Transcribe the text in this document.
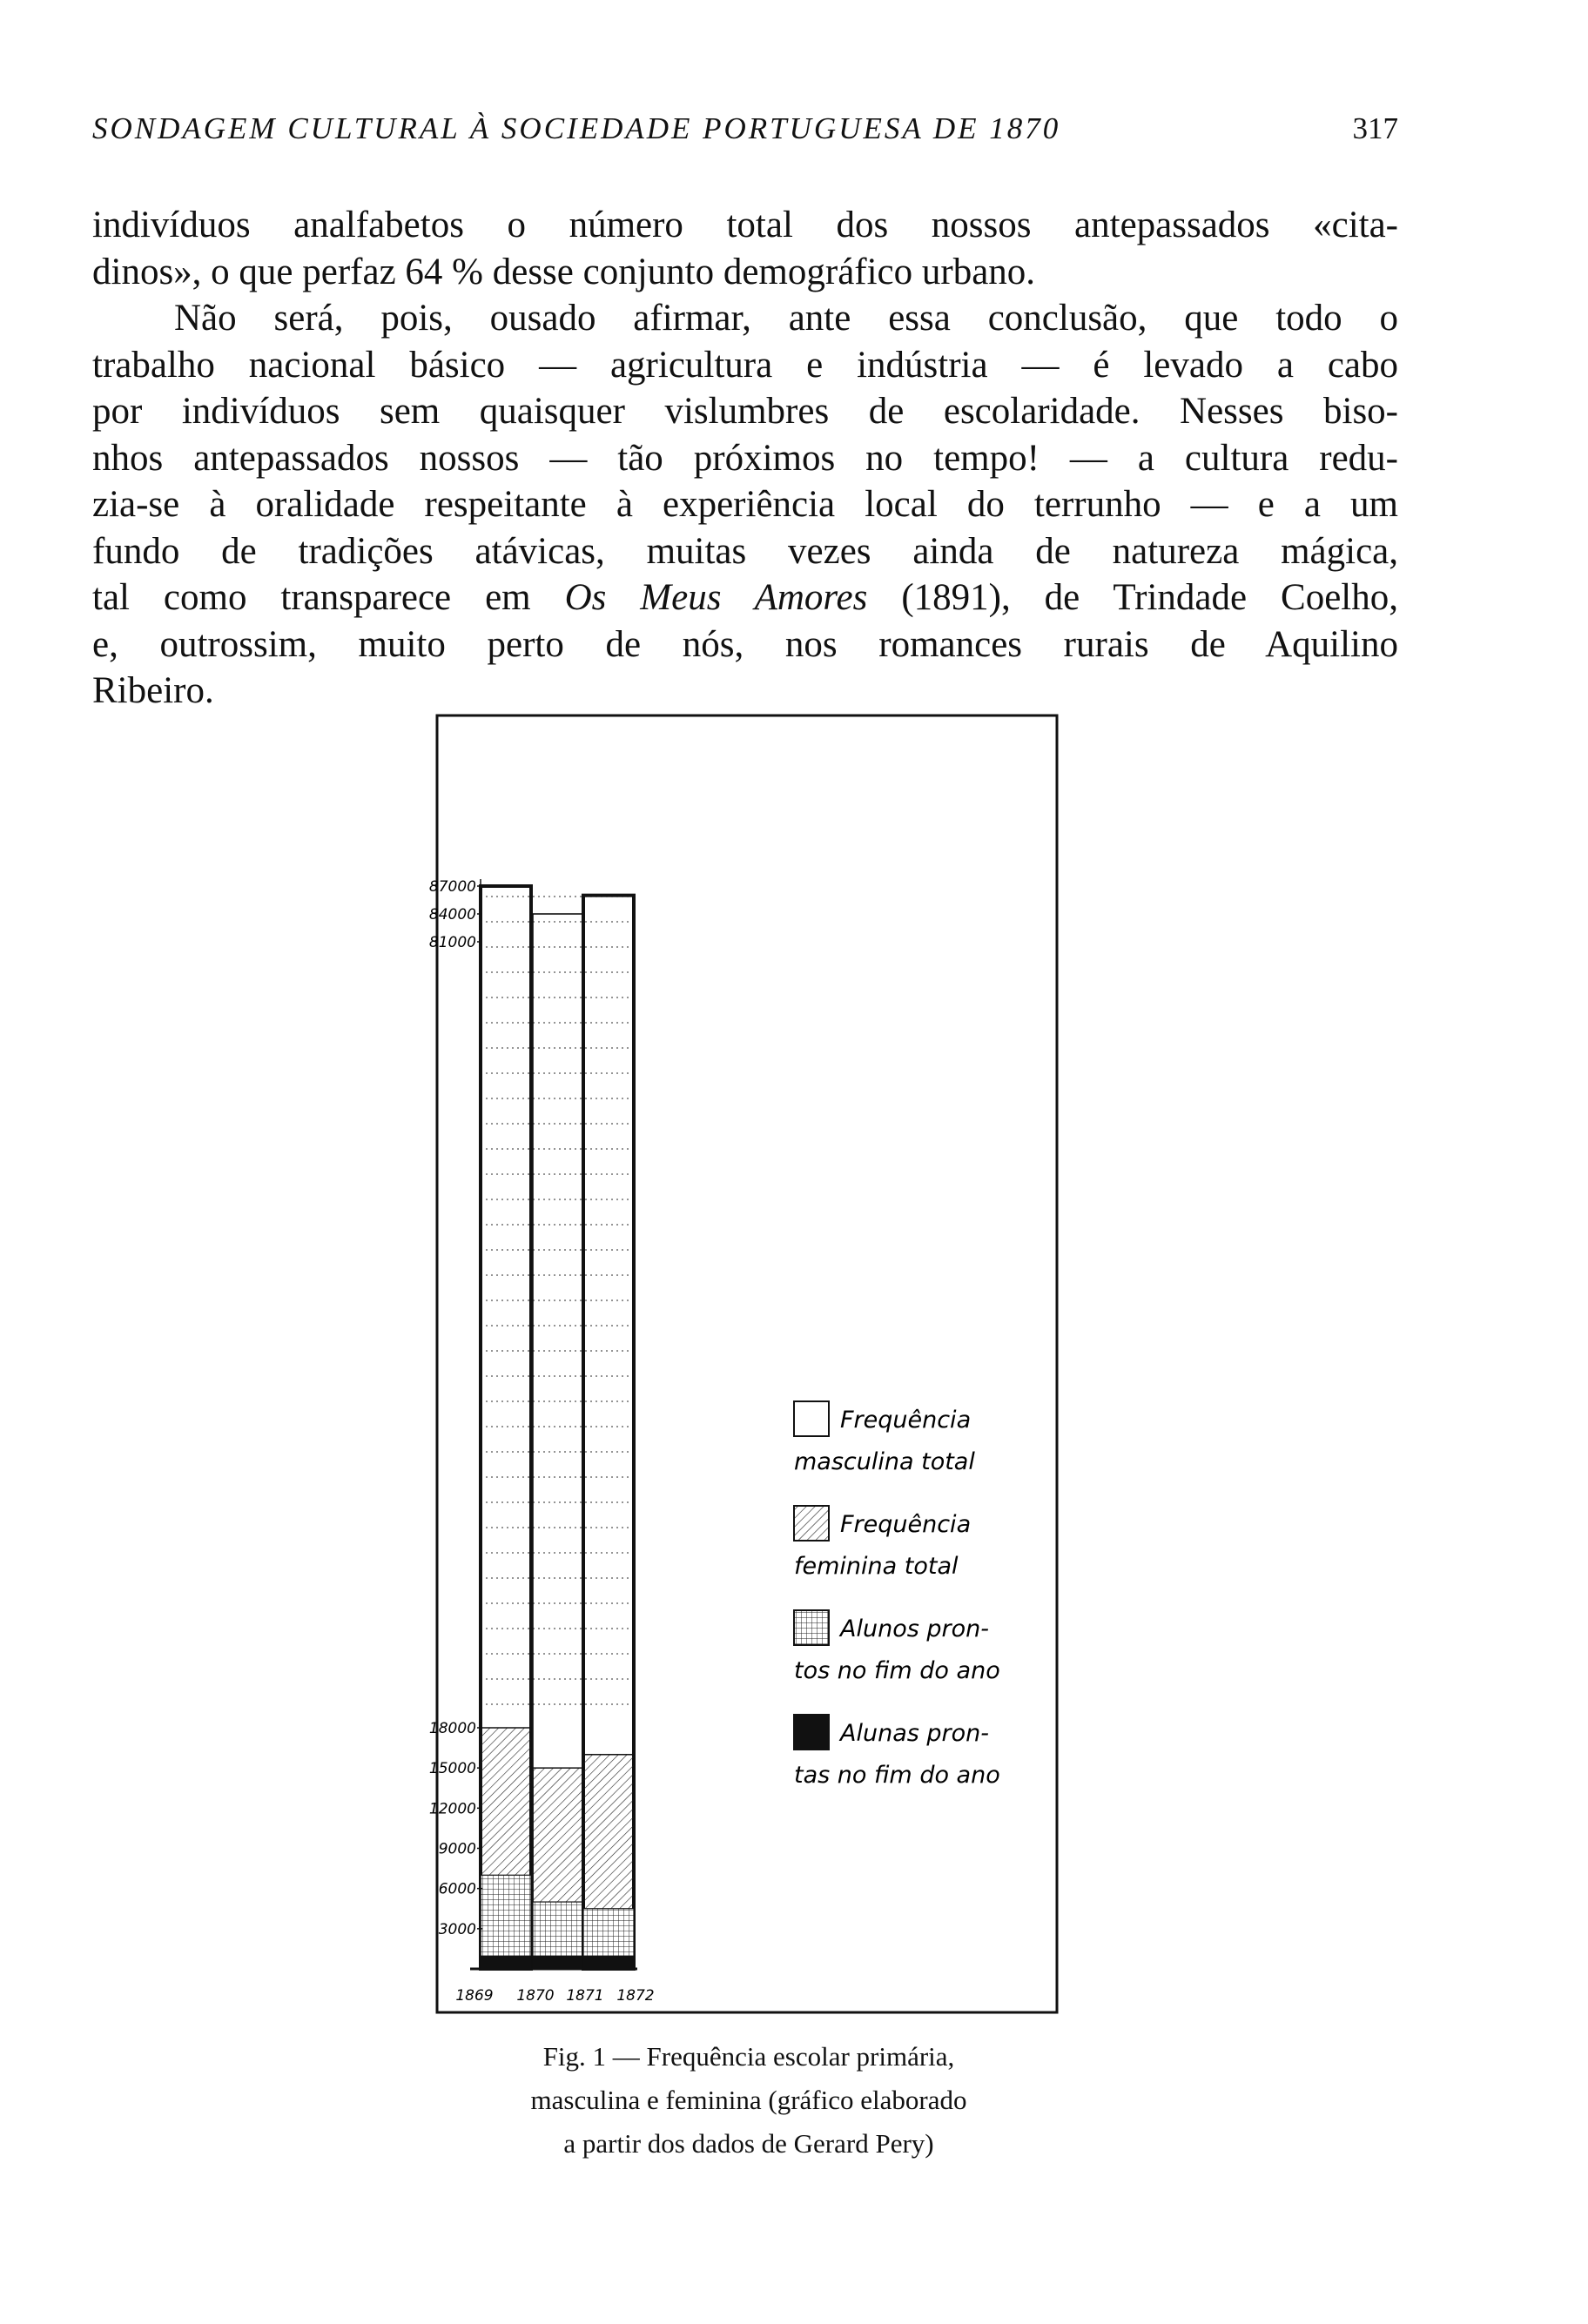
SONDAGEM CULTURAL À SOCIEDADE PORTUGUESA DE 1870	317

indivíduos analfabetos o número total dos nossos antepassados «cita-
dinos», o que perfaz 64 % desse conjunto demográfico urbano.

Não será, pois, ousado afirmar, ante essa conclusão, que todo o
trabalho nacional básico — agricultura e indústria — é levado a cabo
por indivíduos sem quaisquer vislumbres de escolaridade. Nesses biso-
nhos antepassados nossos — tão próximos no tempo! — a cultura redu-
zia-se à oralidade respeitante à experiência local do terrunho — e a um
fundo de tradições atávicas, muitas vezes ainda de natureza mágica,
tal como transparece em Os Meus Amores (1891), de Trindade Coelho,
e, outrossim, muito perto de nós, nos romances rurais de Aquilino
Ribeiro.

3000
6000
9000
12000
15000
18000
81000
84000
87000
1869 1870 1871 1872
Frequência
masculina total
Frequência
feminina total
Alunos pron-
tos no fim do ano
Alunas pron-
tas no fim do ano
Fig. 1 — Frequência escolar primária,
masculina e feminina (gráfico elaborado
a partir dos dados de Gerard Pery)
